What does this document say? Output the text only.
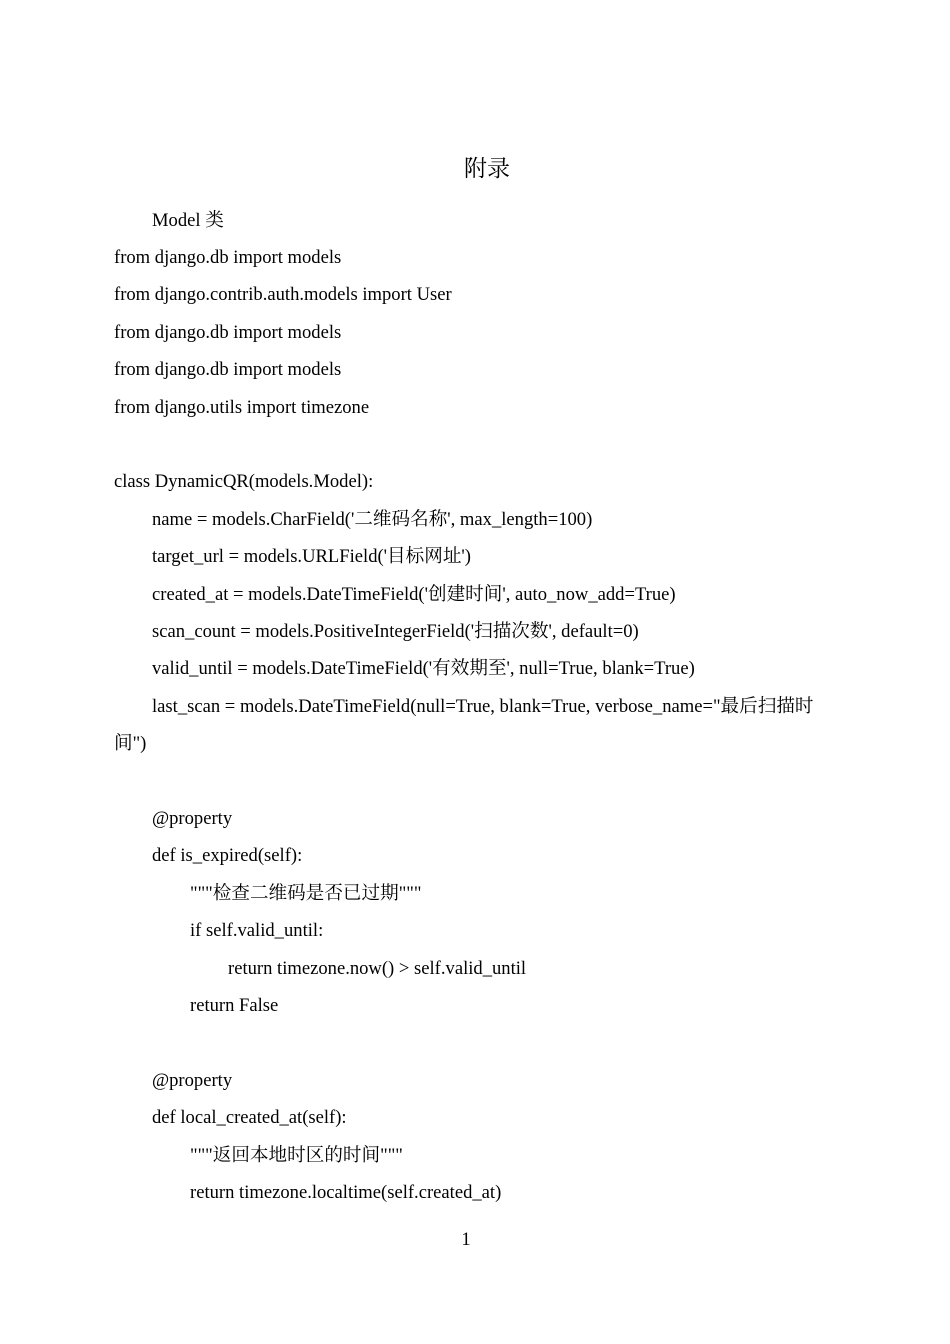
附录
Model 类
from django.db import models
from django.contrib.auth.models import User
from django.db import models
from django.db import models
from django.utils import timezone
class DynamicQR(models.Model):
name = models.CharField('二维码名称', max_length=100)
target_url = models.URLField('目标网址')
created_at = models.DateTimeField('创建时间', auto_now_add=True)
scan_count = models.PositiveIntegerField('扫描次数', default=0)
valid_until = models.DateTimeField('有效期至', null=True, blank=True)
last_scan = models.DateTimeField(null=True, blank=True, verbose_name="最后扫描时
间")
@property
def is_expired(self):
"""检查二维码是否已过期"""
if self.valid_until:
return timezone.now() > self.valid_until
return False
@property
def local_created_at(self):
"""返回本地时区的时间"""
return timezone.localtime(self.created_at)
1
